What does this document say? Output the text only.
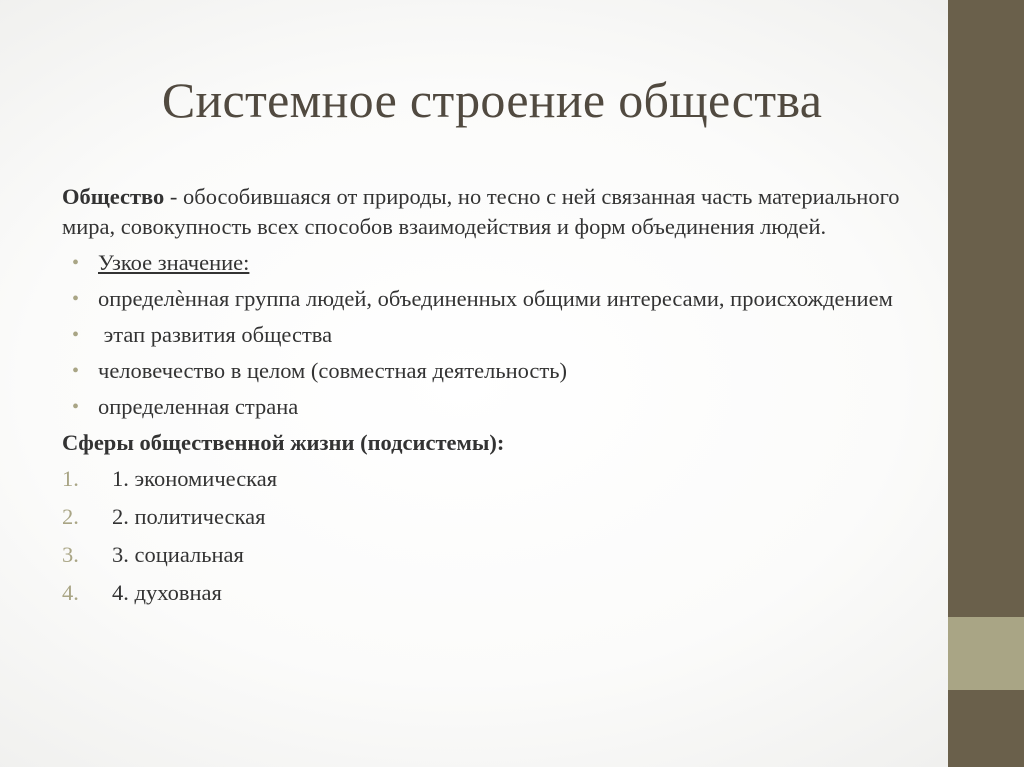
Системное строение общества

Общество - обособившаяся от природы, но тесно с ней связанная часть материального мира, совокупность всех способов взаимодействия и форм объединения людей.

• Узкое значение:
• определѐнная группа людей, объединенных общими интересами, происхождением
• этап развития общества
• человечество в целом (совместная деятельность)
• определенная страна

Сферы общественной жизни (подсистемы):

1. 1. экономическая
2. 2. политическая
3. 3. социальная
4. 4. духовная
